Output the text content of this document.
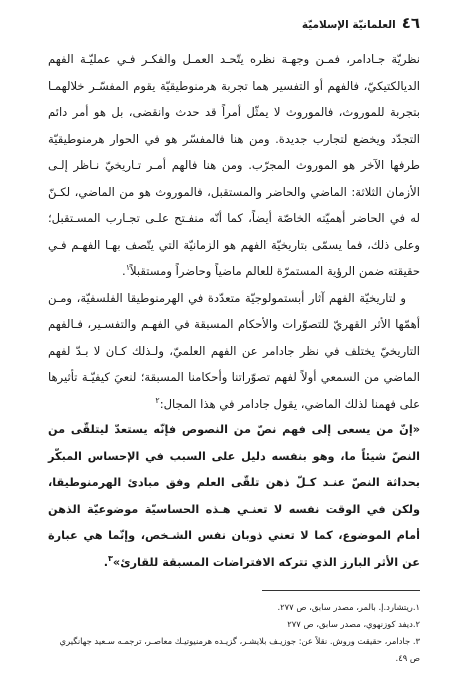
٤٦
العلمانيّة الإسلاميّة

نظريّة جـادامر، فمـن وجهـة نظره يتّحـد العمـل والفكـر فـي عمليّـة الفهم الديالكتيكيّ، فالفهم أو التفسير هما تجربة هرمنوطيقيّة يقوم المفسّـر خلالهمـا بتجربة للموروث، فالموروث لا يمثّل أمراً قد حدث وانقضى، بل هو أمر دائم التجدّد ويخضع لتجارب جديدة. ومن هنا فالمفسّر هو في الحوار هرمنوطيقيّة طرفها الآخر هو الموروث المجرّب. ومن هنا فالهم أمـر تـاريخيّ نـاظر إلـى الأزمان الثلاثة: الماضي والحاضر والمستقبل، فالموروث هو من الماضي، لكـنّ له في الحاضر أهميّته الخاصّة أيضاً، كما أنّه منفـتح علـى تجـارب المسـتقبل؛ وعلى ذلك، فما يسمّى بتاريخيّة الفهم هو الزمانيّة التي يتّصف بهـا الفهـم فـي حقيقته ضمن الرؤية المستمرّة للعالم ماضياً وحاضراً ومستقبلاً$^١$.

و لتاريخيّة الفهم آثار أبستمولوجيّة متعدّدة في الهرمنوطيقا الفلسفيّة، ومـن أهمّها الأثر القهريّ للتصوّرات والأحكام المسبقة في الفهـم والتفسـير، فـالفهم التاريخيّ يختلف في نظر جادامر عن الفهم العلميّ، ولـذلك كـان لا بـدّ لفهم الماضي من السمعي أولاً لفهم تصوّراتنا وأحكامنا المسبقة؛ لنعيَ كيفيّـة تأثيرها على فهمنا لذلك الماضي، يقول جادامر في هذا المجال:$^٢$

«إنّ من يسعى إلى فهم نصّ من النصوص فإنّه يستعدّ ليتلقّى من النصّ شيئاً ما، وهو بنفسه دليل على السبب في الإحساس المبكّر بحداثة النصّ عنـد كـلّ ذهن تلقّى العلم وفق مبادئ الهرمنوطيقا، ولكن في الوقت نفسه لا تعنـي هـذه الحساسيّة موضوعيّة الذهن أمام الموضوع، كما لا تعني ذوبان نفس الشـخص، وإنّما هي عبارة عن الأثر البارز الذي تتركه الافتراضات المسبقة للقارئ»$^٣$.

١.ريتشارد.إ. بالمر، مصدر سابق، ص ٢٧٧.

٢.ديفد كوزنهوي، مصدر سابق، ص ٢٧٧

٣. جادامر، حقيقت وروش. نقلاً عن: جوزيـف بلايشـر، گزيـده هرمنيوتيـك معاصـر، ترجمـه سـعيد جهانگيري ص ٤٩.
